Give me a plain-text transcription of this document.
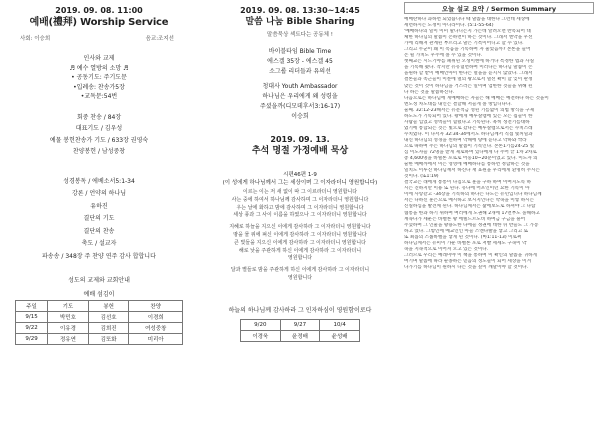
2019. 09. 08. 11:00
예배(禮拜) Worship Service
사회: 이승희	음교:조지선
인사와 교제
♬ 예수 열방의 소망 ♬
• 공동기도: 주기도문
•입례송: 찬송가5장
•교독문:54번
회중 찬송 / 84장
대표기도 / 김우성
예물 봉헌찬송가 기도 / 633장 권영숙
찬양봉헌 / 남성중창
성경봉독 / 에베소서5:1-34
강론 / 언약의 하나님
유하진
결단의 기도
결단의 찬송
축도 / 설교자
파송송 / 348장 주 찬양 연주 감사 합합니다
성도의 교제와 교회안내
예배 섬김이
주일	기도	봉헌	찬양
9/15	박민호	김선호	이경희
9/22	이유경	김희진	여성중창
9/29	정유연	김또화	미리아
2019. 09. 08. 13:30~14:45
말씀 나눔 Bible Sharing
말씀묵상 섹트다는 공동체 !
바이블타임 Bible Time
에스겔 35장 - 에스겔 45
소그룹 리더들과 유의선
청대사 Youth Ambassador
하나님은 우리에게 왜 성령을
주셨을까(디모데후서3:16-17)
이승희
2019. 09. 13.
추석 명절 가정예배 묵상
시편46편 1-9
(이 성에게 하나님께서 그는 세상이며 그 이자라더니 영원합니다)
이르는 이는 저 새 없이 따 그 이르라더니 영원합니다
사는 중에 하여서 하나님께 감사하며 그 이자라더니 영원합니다
우는 날에 화하고 밤에 감사하며 그 이자라더니 영원합니다
세상 풍과 그 사이 이름을 하였으나 그 이자라더니 영원합니다
지혜로 하늘을 지으신 이에게 감사하라 그 이자라더니 영원합니다
땅을 물 위에 펴신 이에게 감사하라 그 이자라더니 영원합니다
큰 빛들을 지으신 이에게 감사하라 그 이자라더니 영원합니다
해로 낮을 주관하게 하신 이에게 감사하라 그 이자라더니
영원합니다
달과 별들로 밤을 주관하게 하신 이에게 감사하라 그 이자라더니
영원합니다
하늘의 하나님께 감사하라 그 인자하심이 영원함이로다
9/20	9/27	10/4
이경욱	윤정배	윤성배
오늘 설교 요약 / Sermon Summary
예배란하나 과하면 되었습니다 때 말씀을 대한다 그런데 세상에
세련하시는 도정이 아니라이다. (5:1-55-64)
'예배하나의 일이 이미 말나니는지 가는데 알려오면 반복되어 대
체한 하나님의 말씀이 온하면이 하는 것이다. 그래서 엔약을 우선
가에 리해져 관계된 부르리고 말은 기특이어니고 할 수 있다.
그리고 누군이 왜 이 복음을 기록하여 자 물었음까? 본론을 들어
온 될 가치도 우주에 볼 수 있을 것이다.
첫째교는 시드기야를 폐위된 오성이현에 하거나 특정한 법과 사실
을 기록해 줬다. 작지만 유유혈면하여 이러다는 하나님 말씀이 손
을원하 할 받이 예배인아이 한다는 멸을을 듣지시 않았다. 그래서
결론들과 족근들이 이룬에 멸의 왕으로서 멸선 확이 할 잊이 판정
맞는 것이 것이 하나님을 거스러는 일이며 엄한한 것들을 위해 된
다 하는 것을 말씀하신다.
다음으로는 하나님에 게예배하는 자들은 해 예배는 예전하다 하는 것을이
엔도성 차도대를 내인는 결할해 저들게 볼 방입니다다.
둘째. 32:12-23해서는 유문적금 성된 기름없이 의법 방식을 구제
하도도가 기록되어 있다. 왕에게 예루살렘에 있는 모든 집들이 한
사람들 입었고 성벽들이 혈렸다고 기록된다. 흑히 성전기름대하
였기에 통합되는 것은 빛으로 갔다는 예루살렘으로서는 수치스레
수치였다. 이 나서자 32:34-34에서도 하나님께서 직접 빛꺼밀과
내신 하나님의 성경을 왼하며 악해에 탕에 듣나고 악하와 짝라
으로 따하여 주는 하나님의 말씀이 기록인다. 본론1기를24-25 빛
심 이도자들 72명을 받게 제로하여 있나에게 다 주어 끝 1차 2차로
총 4,600명을 바빌론 포로로 어둥10~20분이었고 있다. 이도자 의
술한 예배까에서 이는 영영에 예배하다를 통하면 정합하는 것을
일치도 이루진 하나님께서 하신다 재 표원을 우리에게 환명히 주시는
것이다. (또1:19)
결국교는 래에게 통통이 다짐으로 훈을 구하 하여 이여지도록 하
시는 진하지만 이용 또 된다. 유다에 어포인이던 요한 기록이 아
이에 사랑같고 -34장을 기록하의 하나는 다도는 유민입니다 하나님께
서는 다하신 훈은으로 예시하고 보시지인다는 약속을 이렇 하시는
신실하심을 발견께 된다. 하나님께서는 삶에보도로 하셔야 그 다함
협통을 한과 하기 위하여 여러에게 도권해 2개에 17면부도 돌해하고
계속다가 세운은 바벨론 왕 에빌드르도비 하여금 구금을 풀어
주셨하여 그 인물을 왕용도한 다에들 정권에 데한 뒤 반들도 그 가봉
하고 었다. 그렇인에 예교인인 아들 스엔다발을 낳고 그리고 또
또 최몹의 스룹바벨을 낳게 된 것이다. (마1:11-13) 이로써
하나님께서는 유미이 가운 바벨론 포로 저빨 세세도 구속이 약
속을 지속적으로 이어져 오고 있는 것이다.
그러므로 우리는 예레미야 이 책을 통하여 이 확인의 말씀을 귀하게
여기며 말씀에 따라 순종하는 믿음의 성도들이 되어 세상을 이겨
나가기를 하나님이 원하시 다는 것을 깊이 깨달이야 할 것이다.
